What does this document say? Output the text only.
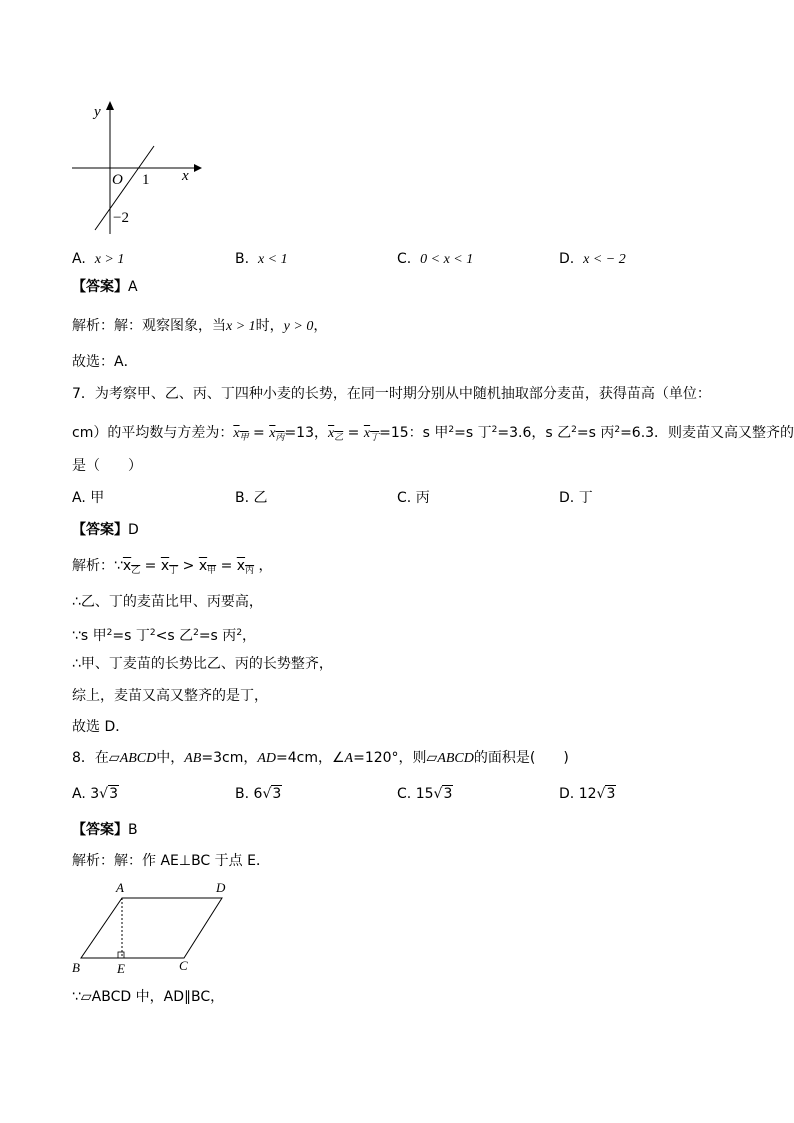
y
x
O 1
−2
A. x > 1	B. x < 1	C. 0 < x < 1	D. x < − 2
【答案】A
解析：解：观察图象，当x > 1时，y > 0，
故选：A．
7．为考察甲、乙、丙、丁四种小麦的长势，在同一时期分别从中随机抽取部分麦苗，获得苗高（单位：
cm）的平均数与方差为：$x_甲 = x_丙=13$，$x_乙 = x_丁=15$：s 甲$^2$=s 丁$^2$=3.6，s 乙$^2$=s 丙$^2$=6.3．则麦苗又高又整齐的
是（　　）
A. 甲	B. 乙	C. 丙	D. 丁
【答案】D
解析：$\because x_乙 = x_丁 > x_甲 = x_丙$ ，
∴乙、丁的麦苗比甲、丙要高，
∵s 甲$^2$=s 丁$^2$<s 乙$^2$=s 丙$^2$，
∴甲、丁麦苗的长势比乙、丙的长势整齐，
综上，麦苗又高又整齐的是丁，
故选 D．
8．在▱ABCD中，AB=3cm，AD=4cm，∠A=120°，则▱ABCD的面积是(　　)
A. 3√3	B. 6√3	C. 15√3	D. 12√3
【答案】B
解析：解：作 AE⊥BC 于点 E．
A	D
B	E	C
∵▱ABCD 中，AD∥BC，
